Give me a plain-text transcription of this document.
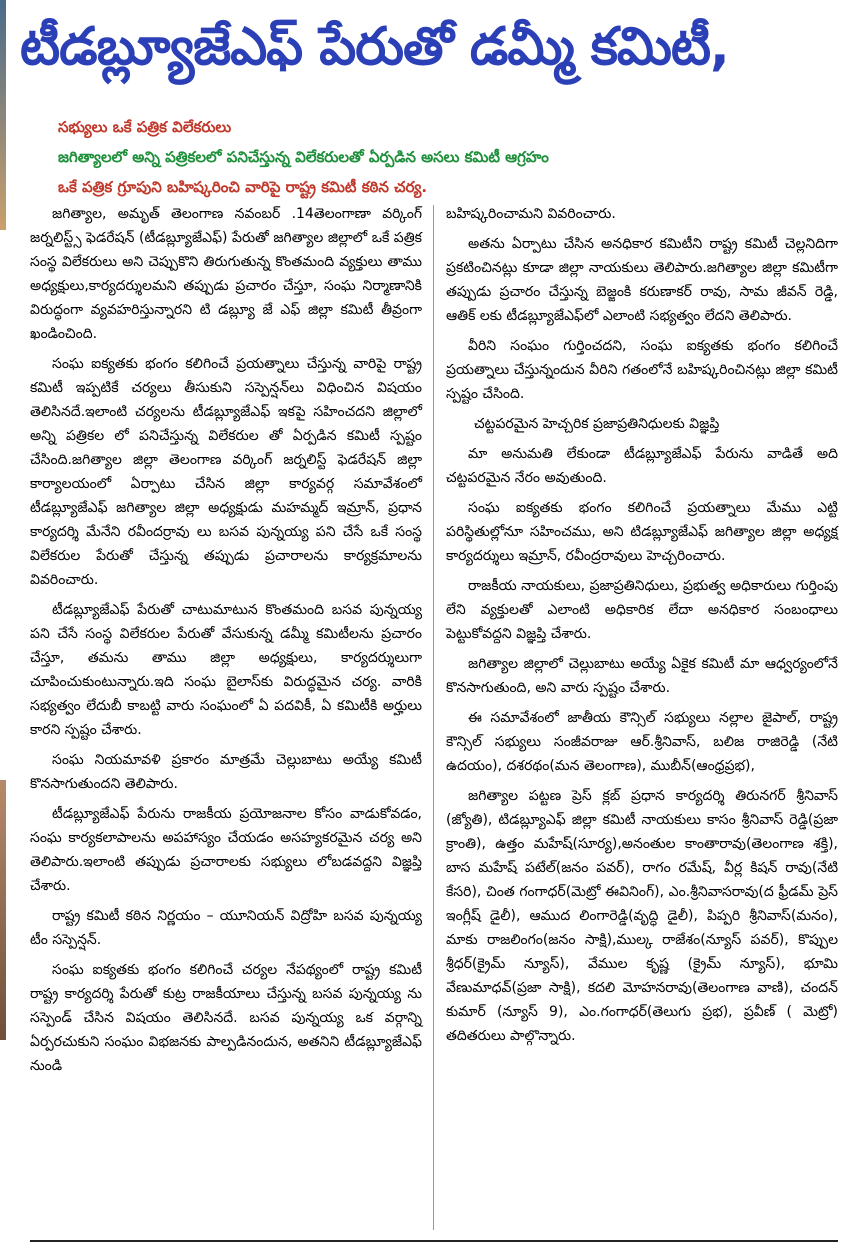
టీడబ్ల్యూజేఎఫ్ పేరుతో డమ్మీ కమిటీ,
సభ్యులు ఒకే పత్రిక విలేకరులు
జగిత్యాలలో అన్ని పత్రికలలో పనిచేస్తున్న విలేకరులతో ఏర్పడిన అసలు కమిటీ ఆగ్రహం
ఒకే పత్రిక గ్రూపుని బహిష్కరించి వారిపై రాష్ట్ర కమిటీ కఠిన చర్య.

జగిత్యాల, అమృత్ తెలంగాణ నవంబర్ .14తెలంగాణా వర్కింగ్ జర్నలిస్ట్స్ ఫెడరేషన్ (టీడబ్ల్యూజేఎఫ్) పేరుతో జగిత్యాల జిల్లాలో ఒకే పత్రిక సంస్థ విలేకరులు అని చెప్పుకొని తిరుగుతున్న కొంతమంది వ్యక్తులు తాము అధ్యక్షులు,కార్యదర్శులమని తప్పుడు ప్రచారం చేస్తూ, సంఘ నిర్మాణానికి విరుద్ధంగా వ్యవహరిస్తున్నారని టి డబ్ల్యూ జే ఎఫ్ జిల్లా కమిటీ తీవ్రంగా ఖండించింది.

సంఘ ఐక్యతకు భంగం కలిగించే ప్రయత్నాలు చేస్తున్న వారిపై రాష్ట్ర కమిటీ ఇప్పటికే చర్యలు తీసుకుని సస్పెన్షన్‌లు విధించిన విషయం తెలిసినదే.ఇలాంటి చర్యలను టీడబ్ల్యూజేఎఫ్ ఇకపై సహించదని జిల్లాలో అన్ని పత్రికల లో పనిచేస్తున్న విలేకరుల తో ఏర్పడిన కమిటీ స్పష్టం చేసింది.జగిత్యాల జిల్లా తెలంగాణ వర్కింగ్ జర్నలిస్ట్ ఫెడరేషన్ జిల్లా కార్యాలయంలో ఏర్పాటు చేసిన జిల్లా కార్యవర్గ సమావేశంలో టీడబ్ల్యూజేఎఫ్ జగిత్యాల జిల్లా అధ్యక్షుడు మహమ్మద్ ఇమ్రాన్, ప్రధాన కార్యదర్శి మేనేని రవీందర్రావు లు బసవ పున్నయ్య పని చేసే ఒకే సంస్థ విలేకరుల పేరుతో చేస్తున్న తప్పుడు ప్రచారాలను కార్యక్రమాలను వివరించారు.

టీడబ్ల్యూజేఎఫ్ పేరుతో చాటుమాటున కొంతమంది బసవ పున్నయ్య పని చేసే సంస్థ విలేకరుల పేరుతో వేసుకున్న డమ్మీ కమిటీలను ప్రచారం చేస్తూ, తమను తాము జిల్లా అధ్యక్షులు, కార్యదర్శులుగా చూపించుకుంటున్నారు.ఇది సంఘ బైలాస్‌కు విరుద్ధమైన చర్య. వారికి సభ్యత్వం లేదుబీ కాబట్టి వారు సంఘంలో ఏ పదవికీ, ఏ కమిటీకి అర్హులు కారని స్పష్టం చేశారు.

సంఘ నియమావళి ప్రకారం మాత్రమే చెల్లుబాటు అయ్యే కమిటీ కొనసాగుతుందని తెలిపారు.

టీడబ్ల్యూజేఎఫ్ పేరును రాజకీయ ప్రయోజనాల కోసం వాడుకోవడం, సంఘ కార్యకలాపాలను అపహాస్యం చేయడం అసహ్యకరమైన చర్య అని తెలిపారు.ఇలాంటి తప్పుడు ప్రచారాలకు సభ్యులు లోబడవద్దని విజ్ఞప్తి చేశారు.

రాష్ట్ర కమిటీ కఠిన నిర్ణయం – యూనియన్ విద్రోహి బసవ పున్నయ్య టీం సస్పెన్షన్.

సంఘ ఐక్యతకు భంగం కలిగించే చర్యల నేపథ్యంలో రాష్ట్ర కమిటీ రాష్ట్ర కార్యదర్శి పేరుతో కుట్ర రాజకీయాలు చేస్తున్న బసవ పున్నయ్య ను సస్పెండ్ చేసిన విషయం తెలిసినదే. బసవ పున్నయ్య ఒక వర్గాన్ని ఏర్పరచుకుని సంఘం విభజనకు పాల్పడినందున, అతనిని టీడబ్ల్యూజేఎఫ్ నుండి

బహిష్కరించామని వివరించారు.

అతను ఏర్పాటు చేసిన అనధికార కమిటీని రాష్ట్ర కమిటీ చెల్లనిదిగా ప్రకటించినట్లు కూడా జిల్లా నాయకులు తెలిపారు.జగిత్యాల జిల్లా కమిటీగా తప్పుడు ప్రచారం చేస్తున్న బెజ్జంకి కరుణాకర్ రావు, సామ జీవన్ రెడ్డి, ఆతిక్ లకు టీడబ్ల్యూజేఎఫ్‌లో ఎలాంటి సభ్యత్వం లేదని తెలిపారు.

వీరిని సంఘం గుర్తించదని, సంఘ ఐక్యతకు భంగం కలిగించే ప్రయత్నాలు చేస్తున్నందున వీరిని గతంలోనే బహిష్కరించినట్లు జిల్లా కమిటీ స్పష్టం చేసింది.

చట్టపరమైన హెచ్చరిక ప్రజాప్రతినిధులకు విజ్ఞప్తి

మా అనుమతి లేకుండా టీడబ్ల్యూజేఎఫ్ పేరును వాడితే అది చట్టపరమైన నేరం అవుతుంది.

సంఘ ఐక్యతకు భంగం కలిగించే ప్రయత్నాలు మేము ఎట్టి పరిస్థితుల్లోనూ సహించము, అని టిడబ్ల్యూజేఎఫ్ జగిత్యాల జిల్లా అధ్యక్ష కార్యదర్శులు ఇమ్రాన్, రవీంద్రరావులు హెచ్చరించారు.

రాజకీయ నాయకులు, ప్రజాప్రతినిధులు, ప్రభుత్వ అధికారులు గుర్తింపు లేని వ్యక్తులతో ఎలాంటి అధికారిక లేదా అనధికార సంబంధాలు పెట్టుకోవద్దని విజ్ఞప్తి చేశారు.

జగిత్యాల జిల్లాలో చెల్లుబాటు అయ్యే ఏకైక కమిటీ మా ఆధ్వర్యంలోనే కొనసాగుతుంది, అని వారు స్పష్టం చేశారు.

ఈ సమావేశంలో జాతీయ కౌన్సిల్ సభ్యులు నల్లాల జైపాల్, రాష్ట్ర కౌన్సిల్ సభ్యులు సంజీవరాజు ఆర్.శ్రీనివాస్, బలిజ రాజిరెడ్డి (నేటి ఉదయం), దశరథం(మన తెలంగాణ), ముబీన్(ఆంధ్రప్రభ),

జగిత్యాల పట్టణ ప్రెస్ క్లబ్ ప్రధాన కార్యదర్శి తిరునగర్ శ్రీనివాస్ (జ్యోతి), టిడబ్ల్యూఎఫ్ జిల్లా కమిటీ నాయకులు కాసం శ్రీనివాస్ రెడ్డి(ప్రజా క్రాంతి), ఉత్తం మహేష్(సూర్య),అనంతుల కాంతారావు(తెలంగాణ శక్తి), బాస మహేష్ పటేల్(జనం పవర్), రాగం రమేష్, వీర్ల కిషన్ రావు(నేటి కేసరి), చింత గంగాధర్(మెట్రో ఈవినింగ్), ఎం.శ్రీనివాసరావు(ద ఫ్రీడమ్ ప్రెస్ ఇంగ్లీష్ డైలీ), ఆముద లింగారెడ్డి(వృద్ధి డైలీ), పిప్పరి శ్రీనివాస్(మనం), మాకు రాజలింగం(జనం సాక్షి),ముల్క రాజేశం(న్యూస్ పవర్), కొప్పుల శ్రీధర్(క్రైమ్ న్యూస్), వేముల కృష్ణ (క్రైమ్ న్యూస్), భూమి వేణుమాధవ్(ప్రజా సాక్షి), కదలి మోహనరావు(తెలంగాణ వాణి), చందన్ కుమార్ (న్యూస్ 9), ఎం.గంగాధర్(తెలుగు ప్రభ), ప్రవీణ్ ( మెట్రో) తదితరులు పాల్గొన్నారు.
